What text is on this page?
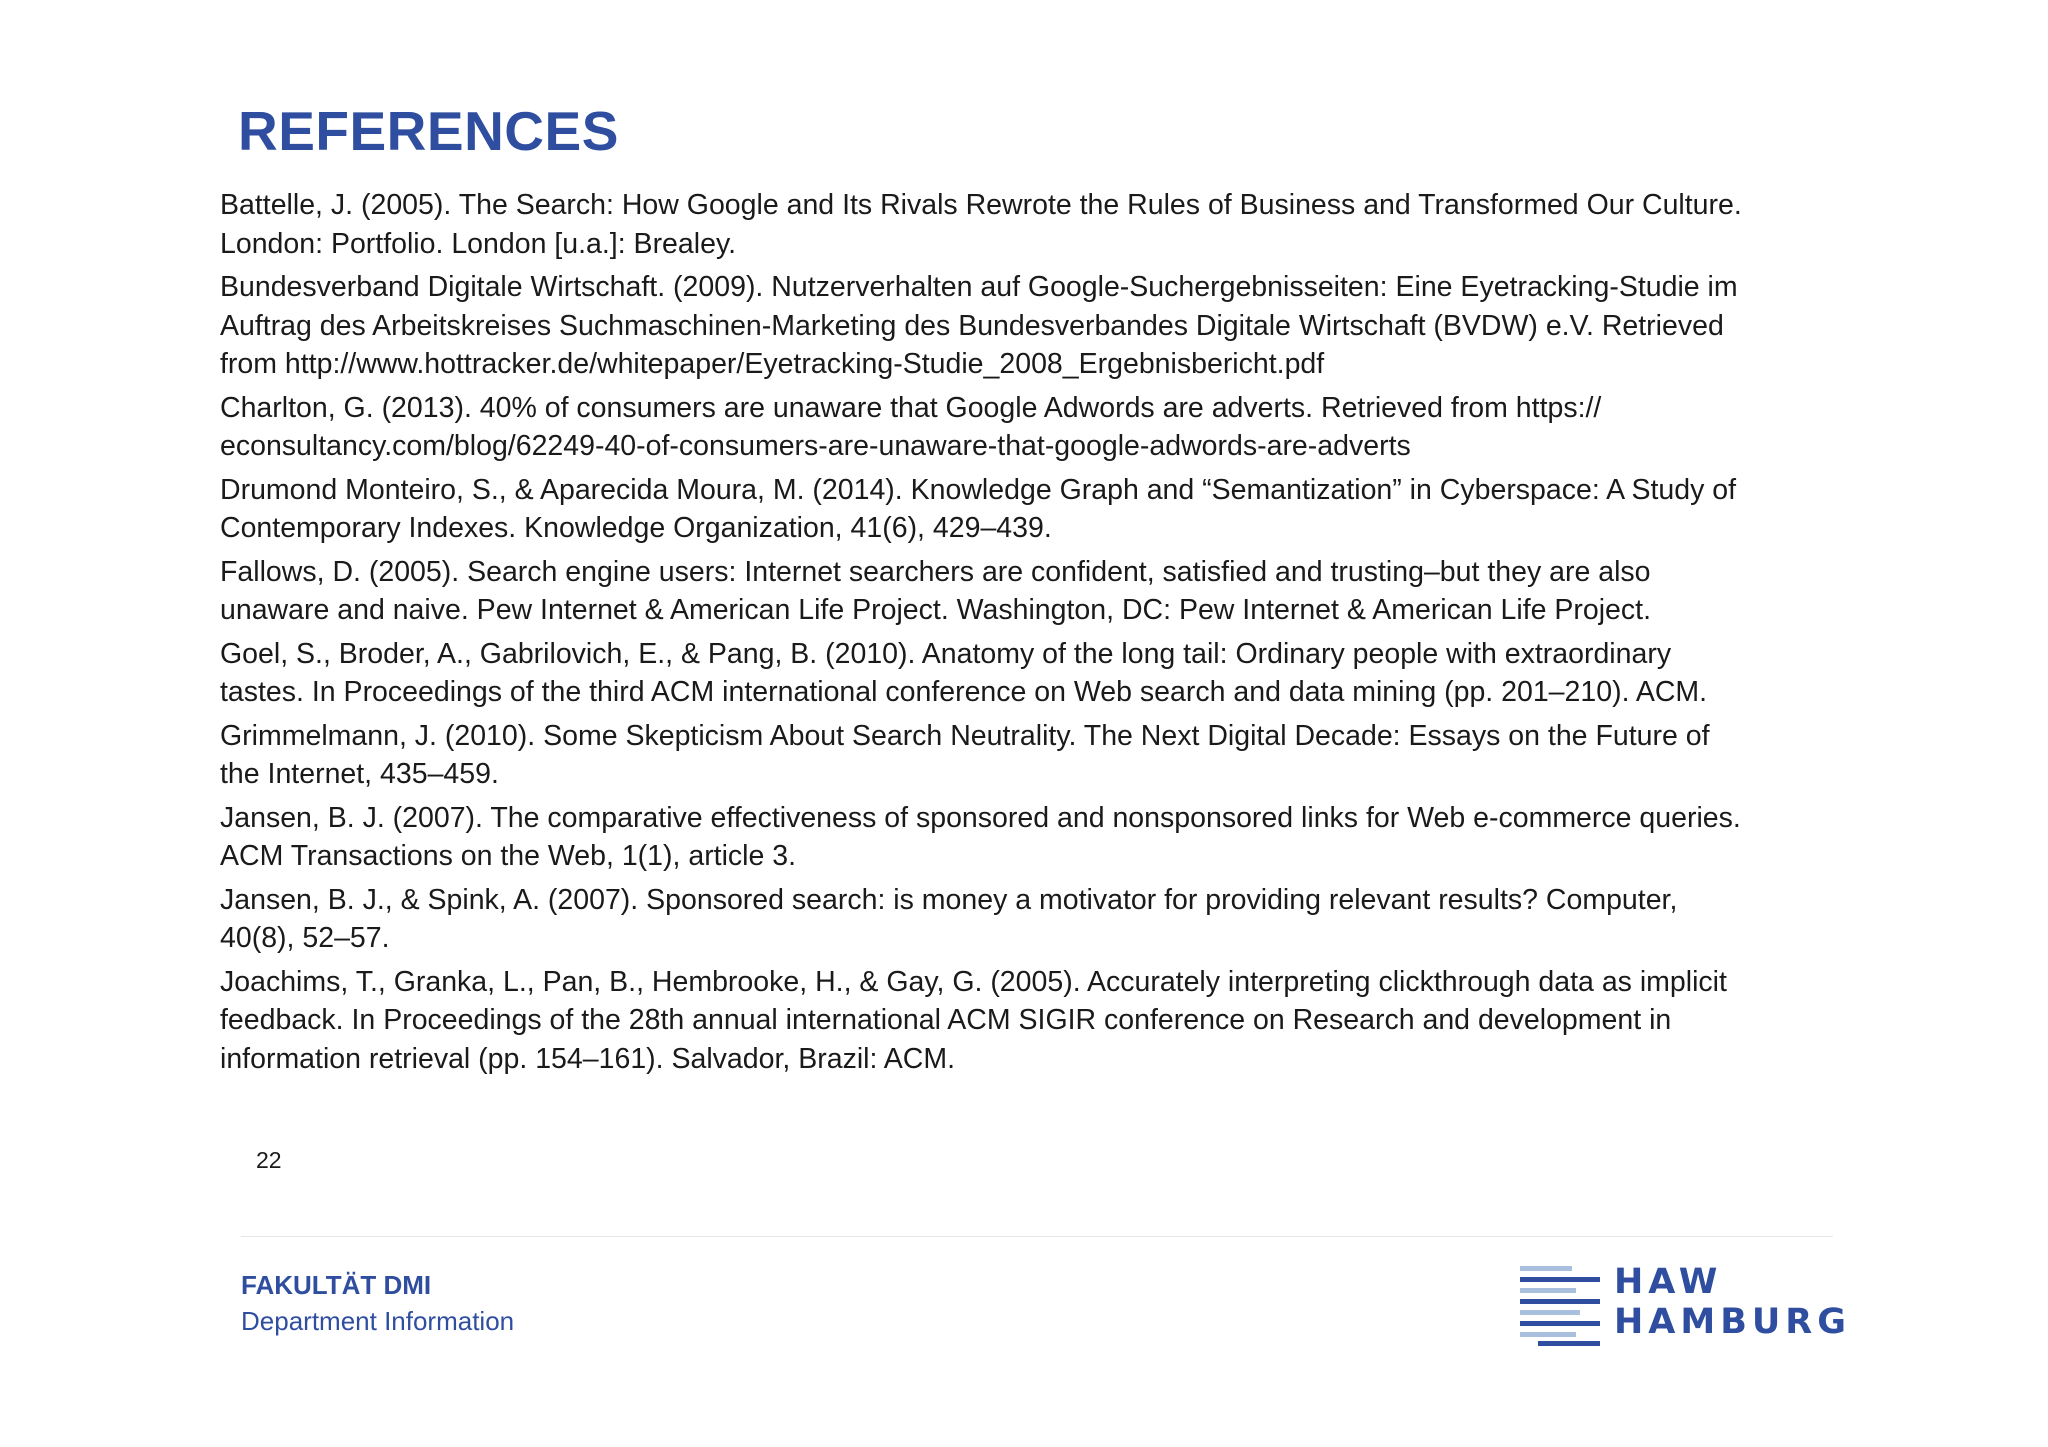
REFERENCES
Battelle, J. (2005). The Search: How Google and Its Rivals Rewrote the Rules of Business and Transformed Our Culture.
London: Portfolio. London [u.a.]: Brealey.
Bundesverband Digitale Wirtschaft. (2009). Nutzerverhalten auf Google-Suchergebnisseiten: Eine Eyetracking-Studie im
Auftrag des Arbeitskreises Suchmaschinen-Marketing des Bundesverbandes Digitale Wirtschaft (BVDW) e.V. Retrieved
from http://www.hottracker.de/whitepaper/Eyetracking-Studie_2008_Ergebnisbericht.pdf
Charlton, G. (2013). 40% of consumers are unaware that Google Adwords are adverts. Retrieved from https://
econsultancy.com/blog/62249-40-of-consumers-are-unaware-that-google-adwords-are-adverts
Drumond Monteiro, S., & Aparecida Moura, M. (2014). Knowledge Graph and “Semantization” in Cyberspace: A Study of
Contemporary Indexes. Knowledge Organization, 41(6), 429–439.
Fallows, D. (2005). Search engine users: Internet searchers are confident, satisfied and trusting–but they are also
unaware and naive. Pew Internet & American Life Project. Washington, DC: Pew Internet & American Life Project.
Goel, S., Broder, A., Gabrilovich, E., & Pang, B. (2010). Anatomy of the long tail: Ordinary people with extraordinary
tastes. In Proceedings of the third ACM international conference on Web search and data mining (pp. 201–210). ACM.
Grimmelmann, J. (2010). Some Skepticism About Search Neutrality. The Next Digital Decade: Essays on the Future of
the Internet, 435–459.
Jansen, B. J. (2007). The comparative effectiveness of sponsored and nonsponsored links for Web e-commerce queries.
ACM Transactions on the Web, 1(1), article 3.
Jansen, B. J., & Spink, A. (2007). Sponsored search: is money a motivator for providing relevant results? Computer,
40(8), 52–57.
Joachims, T., Granka, L., Pan, B., Hembrooke, H., & Gay, G. (2005). Accurately interpreting clickthrough data as implicit
feedback. In Proceedings of the 28th annual international ACM SIGIR conference on Research and development in
information retrieval (pp. 154–161). Salvador, Brazil: ACM.
22
FAKULTÄT DMI
Department Information
HAW
HAMBURG
